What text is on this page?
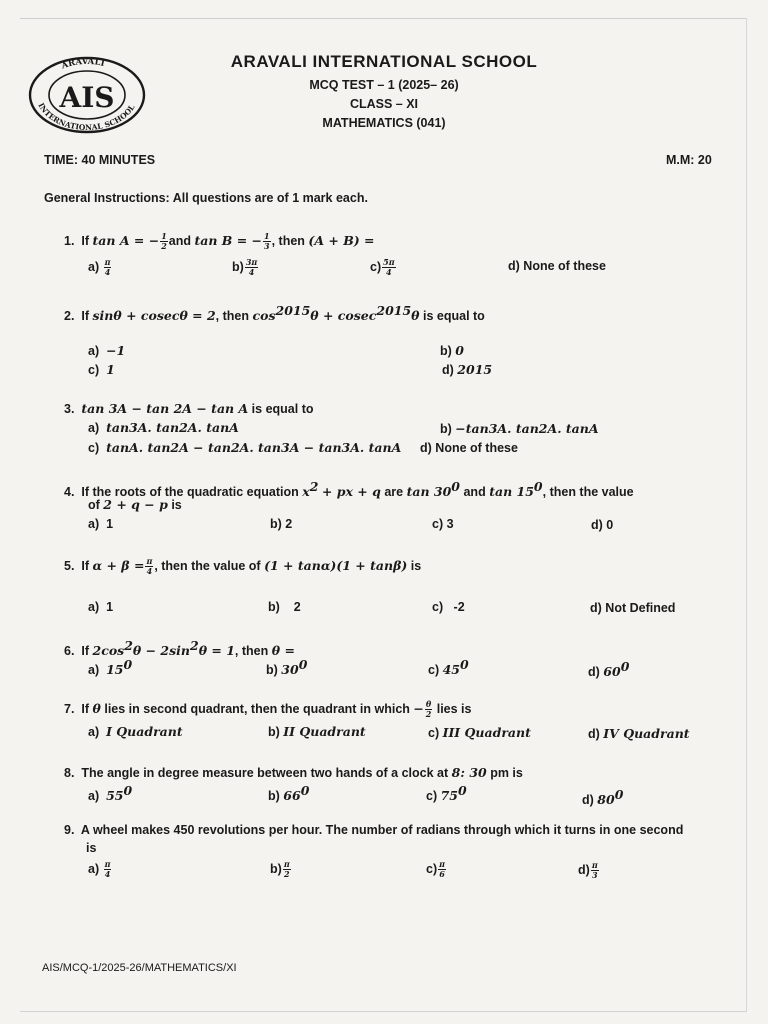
ARAVALI
INTERNATIONAL SCHOOL
AIS
ARAVALI INTERNATIONAL SCHOOL
MCQ TEST – 1 (2025– 26)
CLASS – XI
MATHEMATICS (041)
TIME: 40 MINUTES	M.M: 20
General Instructions: All questions are of 1 mark each.
1. If tan A = − $\frac{1}{2}$ and tan B = − $\frac{1}{3}$ , then (A + B) =
$a) \frac{\pi}{4}$	$b) \frac{3\pi}{4}$	$c) \frac{5\pi}{4}$	d) None of these
2. If sinθ + cosecθ = 2, then $\cos^{2015}\theta + cosec^{2015}\theta$ is equal to
a) −1	b) 0
c) 1	d) 2015
3. tan 3A − tan 2A − tan A is equal to
a) tan3A. tan2A. tanA	b) −tan3A. tan2A. tanA
c) tanA. tan2A − tan2A. tan3A − tan3A. tanA d) None of these
4. If the roots of the quadratic equation $x^2$ + px + q are $\tan 30^0$ and $\tan 15^0$, then the value
of 2 + q − p is
a) 1	b) 2	c) 3	d) 0
5. If $\alpha + \beta = \frac{\pi}{4}$ , then the value of (1 + tanα)(1 + tanβ) is
a) 1	b) 2	c) -2	d) Not Defined
6. If $2\cos^2\theta - 2\sin^2\theta = 1$, then θ =
a) $15^0$	b) $30^0$	c) $45^0$
d) $60^0$
7. If θ lies in second quadrant, then the quadrant in which − $\frac{\theta}{2}$ lies is
a) I Quadrant	b) II Quadrant	c) III Quadrant	d) IV Quadrant
8. The angle in degree measure between two hands of a clock at 8: 30 pm is
a) $55^0$	b) $66^0$	c) $75^0$
d) $80^0$
9. A wheel makes 450 revolutions per hour. The number of radians through which it turns in one second
is
$a) \frac{\pi}{4}$	$b) \frac{\pi}{2}$	$c) \frac{\pi}{6}$	$d) \frac{\pi}{3}$
AIS/MCQ-1/2025-26/MATHEMATICS/XI
